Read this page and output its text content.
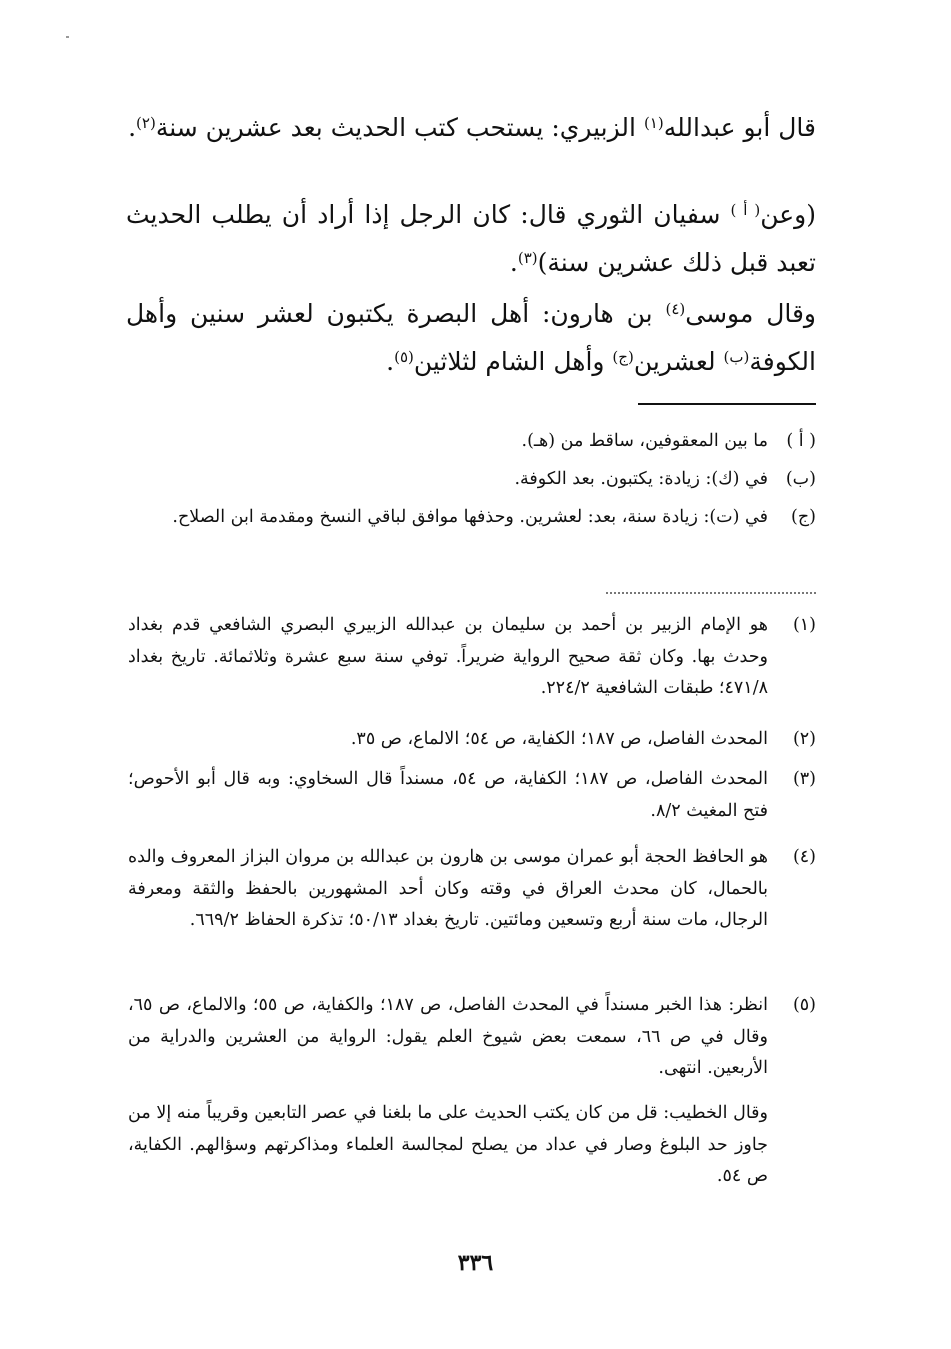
قال أبو عبدالله$^{(١)}$ الزبيري: يستحب كتب الحديث بعد عشرين سنة$^{(٢)}$.

(وعن$^{( أ )}$ سفيان الثوري قال: كان الرجل إذا أراد أن يطلب الحديث تعبد قبل ذلك عشرين سنة)$^{(٣)}$.

وقال موسى$^{(٤)}$ بن هارون: أهل البصرة يكتبون لعشر سنين وأهل الكوفة$^{(ب)}$ لعشرين$^{(ج)}$ وأهل الشام لثلاثين$^{(٥)}$.

( أ )
ما بين المعقوفين، ساقط من (هـ).
(ب)
في (ك): زيادة: يكتبون. بعد الكوفة.
(ج)
في (ت): زيادة سنة، بعد: لعشرين. وحذفها موافق لباقي النسخ ومقدمة ابن الصلاح.
(١)
هو الإمام الزبير بن أحمد بن سليمان بن عبدالله الزبيري البصري الشافعي قدم بغداد وحدث بها. وكان ثقة صحيح الرواية ضريراً. توفي سنة سبع عشرة وثلاثمائة. تاريخ بغداد ٤٧١/٨؛ طبقات الشافعية ٢٢٤/٢.
(٢)
المحدث الفاصل، ص ١٨٧؛ الكفاية، ص ٥٤؛ الالماع، ص ٣٥.
(٣)
المحدث الفاصل، ص ١٨٧؛ الكفاية، ص ٥٤، مسنداً قال السخاوي: وبه قال أبو الأحوص؛ فتح المغيث ٨/٢.
(٤)
هو الحافظ الحجة أبو عمران موسى بن هارون بن عبدالله بن مروان البزاز المعروف والده بالحمال، كان محدث العراق في وقته وكان أحد المشهورين بالحفظ والثقة ومعرفة الرجال، مات سنة أربع وتسعين ومائتين. تاريخ بغداد ٥٠/١٣؛ تذكرة الحفاظ ٦٦٩/٢.
(٥)
انظر: هذا الخبر مسنداً في المحدث الفاصل، ص ١٨٧؛ والكفاية، ص ٥٥؛ والالماع، ص ٦٥، وقال في ص ٦٦، سمعت بعض شيوخ العلم يقول: الرواية من العشرين والدراية من الأربعين. انتهى.
وقال الخطيب: قل من كان يكتب الحديث على ما بلغنا في عصر التابعين وقريباً منه إلا من جاوز حد البلوغ وصار في عداد من يصلح لمجالسة العلماء ومذاكرتهم وسؤالهم. الكفاية، ص ٥٤.
٣٣٦
